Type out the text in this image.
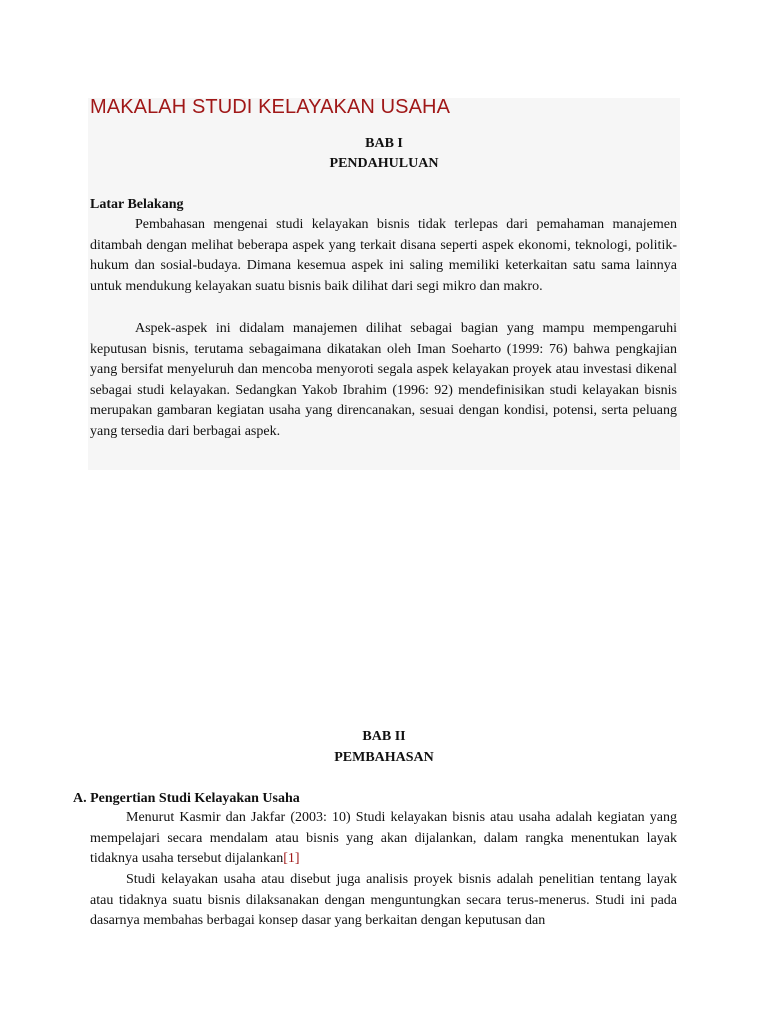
MAKALAH STUDI KELAYAKAN USAHA
BAB I
PENDAHULUAN
Latar Belakang

Pembahasan mengenai studi kelayakan bisnis tidak terlepas dari pemahaman manajemen ditambah dengan melihat beberapa aspek yang terkait disana seperti aspek ekonomi, teknologi, politik-hukum dan sosial-budaya. Dimana kesemua aspek ini saling memiliki keterkaitan satu sama lainnya untuk mendukung kelayakan suatu bisnis baik dilihat dari segi mikro dan makro.

Aspek-aspek ini didalam manajemen dilihat sebagai bagian yang mampu mempengaruhi keputusan bisnis, terutama sebagaimana dikatakan oleh Iman Soeharto (1999: 76) bahwa pengkajian yang bersifat menyeluruh dan mencoba menyoroti segala aspek kelayakan proyek atau investasi dikenal sebagai studi kelayakan. Sedangkan Yakob Ibrahim (1996: 92) mendefinisikan studi kelayakan bisnis merupakan gambaran kegiatan usaha yang direncanakan, sesuai dengan kondisi, potensi, serta peluang yang tersedia dari berbagai aspek.

BAB II
PEMBAHASAN
A. Pengertian Studi Kelayakan Usaha

Menurut Kasmir dan Jakfar (2003: 10) Studi kelayakan bisnis atau usaha adalah kegiatan yang mempelajari secara mendalam atau bisnis yang akan dijalankan, dalam rangka menentukan layak tidaknya usaha tersebut dijalankan[1]

Studi kelayakan usaha atau disebut juga analisis proyek bisnis adalah penelitian tentang layak atau tidaknya suatu bisnis dilaksanakan dengan menguntungkan secara terus-menerus. Studi ini pada dasarnya membahas berbagai konsep dasar yang berkaitan dengan keputusan dan
